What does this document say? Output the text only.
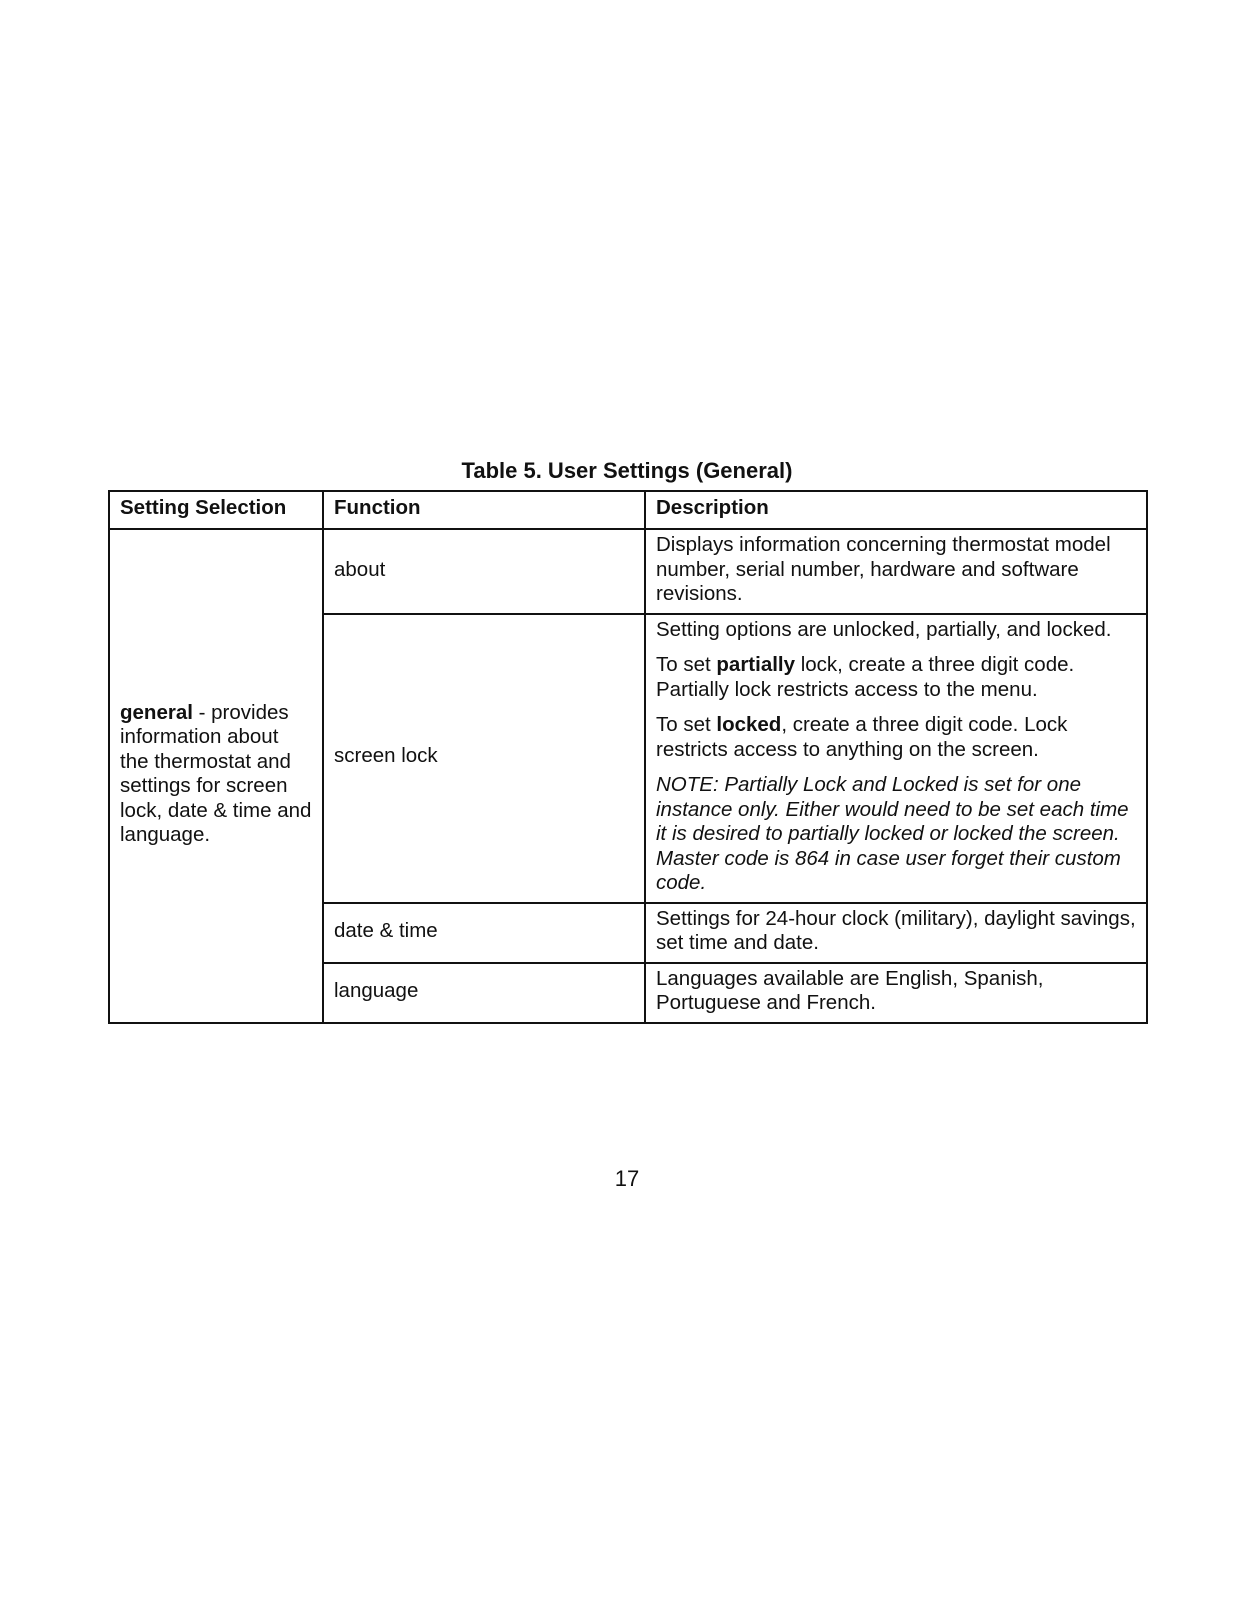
Table 5. User Settings (General)
Setting Selection	Function	Description
general - provides information about the thermostat and settings for screen lock, date & time and language.	about	Displays information concerning thermostat model number, serial number, hardware and software revisions.
	screen lock	Setting options are unlocked, partially, and locked.

To set partially lock, create a three digit code. Partially lock restricts access to the menu.

To set locked, create a three digit code. Lock restricts access to anything on the screen.

NOTE: Partially Lock and Locked is set for one instance only. Either would need to be set each time it is desired to partially locked or locked the screen. Master code is 864 in case user forget their custom code.

	date & time	Settings for 24-hour clock (military), daylight savings, set time and date.
	language	Languages available are English, Spanish, Portuguese and French.
17
